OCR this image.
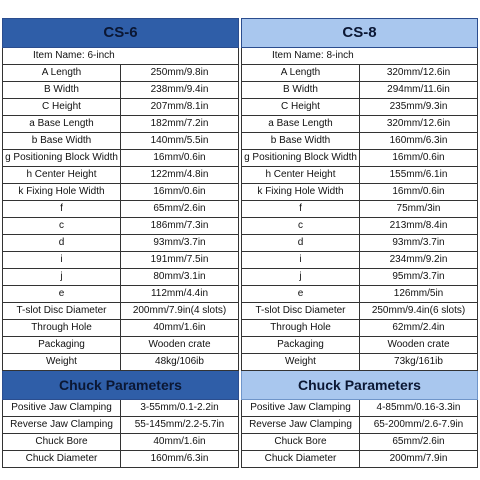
CS-6	
Item Name: 6-inch	
A Length	250mm/9.8in
B Width	238mm/9.4in
C Height	207mm/8.1in
a Base Length	182mm/7.2in
b Base Width	140mm/5.5in
g Positioning Block Width	16mm/0.6in
h Center Height	122mm/4.8in
k Fixing Hole Width	16mm/0.6in
f	65mm/2.6in
c	186mm/7.3in
d	93mm/3.7in
i	191mm/7.5in
j	80mm/3.1in
e	112mm/4.4in
T-slot Disc Diameter	200mm/7.9in(4 slots)
Through Hole	40mm/1.6in
Packaging	Wooden crate
Weight	48kg/106ib
Chuck Parameters	
Positive Jaw Clamping	3-55mm/0.1-2.2in
Reverse Jaw Clamping	55-145mm/2.2-5.7in
Chuck Bore	40mm/1.6in
Chuck Diameter	160mm/6.3in
CS-8	
Item Name: 8-inch	
A Length	320mm/12.6in
B Width	294mm/11.6in
C Height	235mm/9.3in
a Base Length	320mm/12.6in
b Base Width	160mm/6.3in
g Positioning Block Width	16mm/0.6in
h Center Height	155mm/6.1in
k Fixing Hole Width	16mm/0.6in
f	75mm/3in
c	213mm/8.4in
d	93mm/3.7in
i	234mm/9.2in
j	95mm/3.7in
e	126mm/5in
T-slot Disc Diameter	250mm/9.4in(6 slots)
Through Hole	62mm/2.4in
Packaging	Wooden crate
Weight	73kg/161ib
Chuck Parameters	
Positive Jaw Clamping	4-85mm/0.16-3.3in
Reverse Jaw Clamping	65-200mm/2.6-7.9in
Chuck Bore	65mm/2.6in
Chuck Diameter	200mm/7.9in
